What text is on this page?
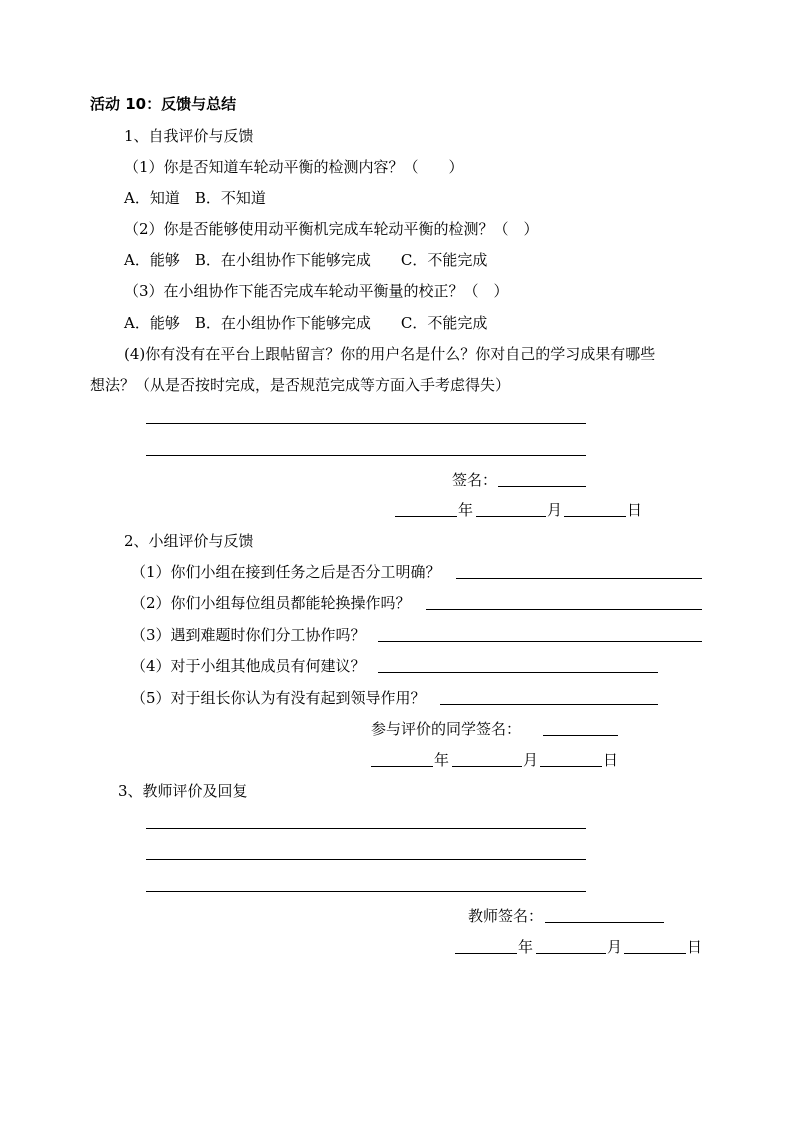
活动 10：反馈与总结
1、自我评价与反馈
（1）你是否知道车轮动平衡的检测内容？（　　）
A．知道　B．不知道
（2）你是否能够使用动平衡机完成车轮动平衡的检测？（　）
A．能够　B．在小组协作下能够完成　　C．不能完成
（3）在小组协作下能否完成车轮动平衡量的校正？（　）
A．能够　B．在小组协作下能够完成　　C．不能完成
(4)你有没有在平台上跟帖留言？你的用户名是什么？你对自己的学习成果有哪些
想法？（从是否按时完成，是否规范完成等方面入手考虑得失）
签名：
年	月	日
2、小组评价与反馈
（1）你们小组在接到任务之后是否分工明确？
（2）你们小组每位组员都能轮换操作吗？
（3）遇到难题时你们分工协作吗？
（4）对于小组其他成员有何建议？
（5）对于组长你认为有没有起到领导作用？
参与评价的同学签名：
年	月	日
3、教师评价及回复
教师签名：
年	月	日
